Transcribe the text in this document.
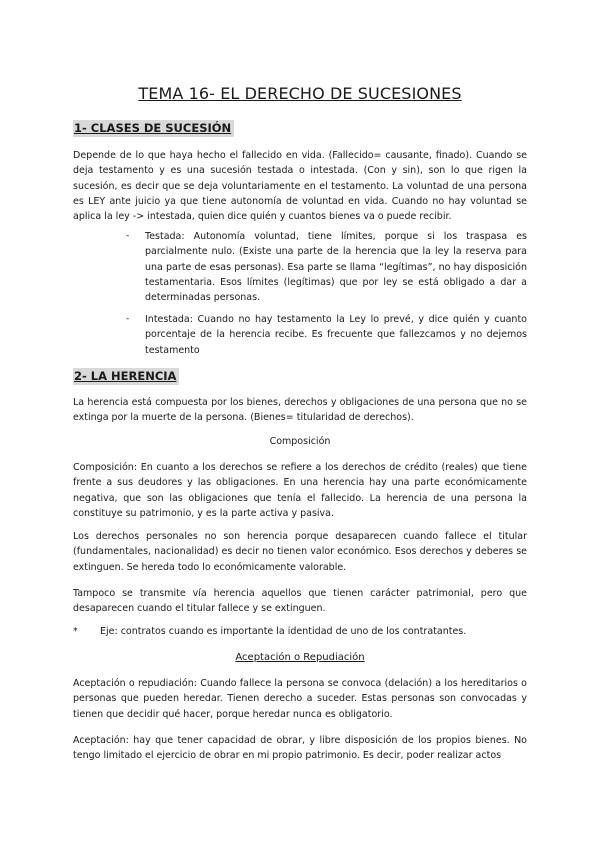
TEMA 16- EL DERECHO DE SUCESIONES
1- CLASES DE SUCESIÓN

Depende de lo que haya hecho el fallecido en vida. (Fallecido= causante, finado). Cuando se deja testamento y es una sucesión testada o intestada. (Con y sin), son lo que rigen la sucesión, es decir que se deja voluntariamente en el testamento. La voluntad de una persona es LEY ante juicio ya que tiene autonomía de voluntad en vida. Cuando no hay voluntad se aplica la ley -> intestada, quien dice quién y cuantos bienes va o puede recibir.

- Testada: Autonomía voluntad, tiene límites, porque si los traspasa es parcialmente nulo. (Existe una parte de la herencia que la ley la reserva para una parte de esas personas). Esa parte se llama “legítimas”, no hay disposición testamentaria. Esos límites (legítimas) que por ley se está obligado a dar a determinadas personas.

- Intestada: Cuando no hay testamento la Ley lo prevé, y dice quién y cuanto porcentaje de la herencia recibe. Es frecuente que fallezcamos y no dejemos testamento

2- LA HERENCIA

La herencia está compuesta por los bienes, derechos y obligaciones de una persona que no se extinga por la muerte de la persona. (Bienes= titularidad de derechos).

Composición

Composición: En cuanto a los derechos se refiere a los derechos de crédito (reales) que tiene frente a sus deudores y las obligaciones. En una herencia hay una parte económicamente negativa, que son las obligaciones que tenía el fallecido. La herencia de una persona la constituye su patrimonio, y es la parte activa y pasiva.

Los derechos personales no son herencia porque desaparecen cuando fallece el titular (fundamentales, nacionalidad) es decir no tienen valor económico. Esos derechos y deberes se extinguen. Se hereda todo lo económicamente valorable.

Tampoco se transmite vía herencia aquellos que tienen carácter patrimonial, pero que desaparecen cuando el titular fallece y se extinguen.

* Eje: contratos cuando es importante la identidad de uno de los contratantes.
Aceptación o Repudiación

Aceptación o repudiación: Cuando fallece la persona se convoca (delación) a los hereditarios o personas que pueden heredar. Tienen derecho a suceder. Estas personas son convocadas y tienen que decidir qué hacer, porque heredar nunca es obligatorio.

Aceptación: hay que tener capacidad de obrar, y libre disposición de los propios bienes. No tengo limitado el ejercicio de obrar en mi propio patrimonio. Es decir, poder realizar actos
